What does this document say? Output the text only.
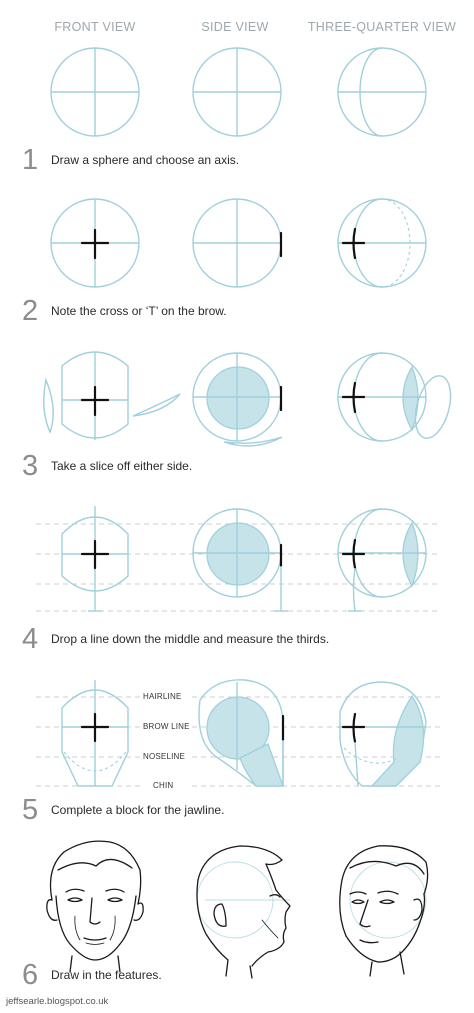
FRONT VIEW	SIDE VIEW	THREE-QUARTER VIEW
1	Draw a sphere and choose an axis.
2	Note the cross or ‘T’ on the brow.
3	Take a slice off either side.
4	Drop a line down the middle and measure the thirds.
5	Complete a block for the jawline.
6	Draw in the features.
HAIRLINE
BROW LINE
NOSELINE
CHIN
jeffsearle.blogspot.co.uk
